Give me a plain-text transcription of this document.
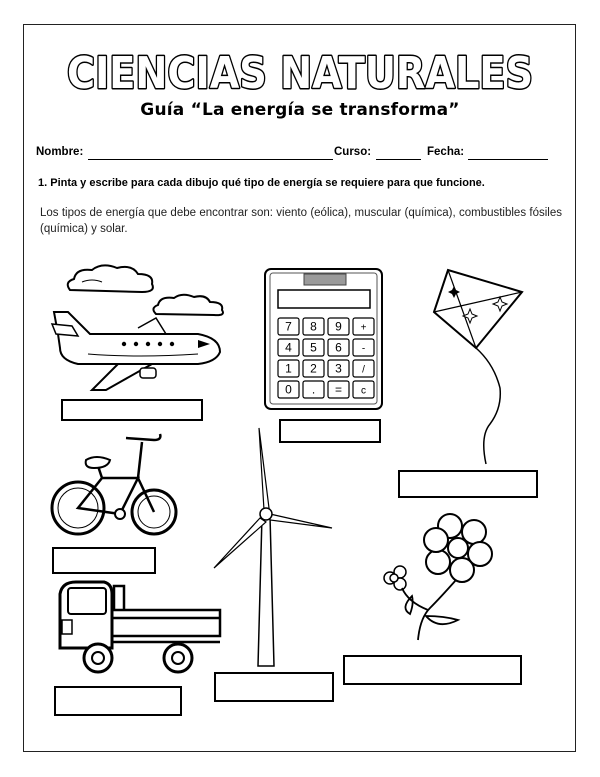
CIENCIAS NATURALES
Guía “La energía se transforma”
Nombre:	Curso:	Fecha:
1. Pinta y escribe para cada dibujo qué tipo de energía se requiere para que funcione.
Los tipos de energía que debe encontrar son: viento (eólica), muscular (química), combustibles fósiles (química) y solar.
7 8 9 +
4 5 6 -
1 2 3 /
0 . = c
